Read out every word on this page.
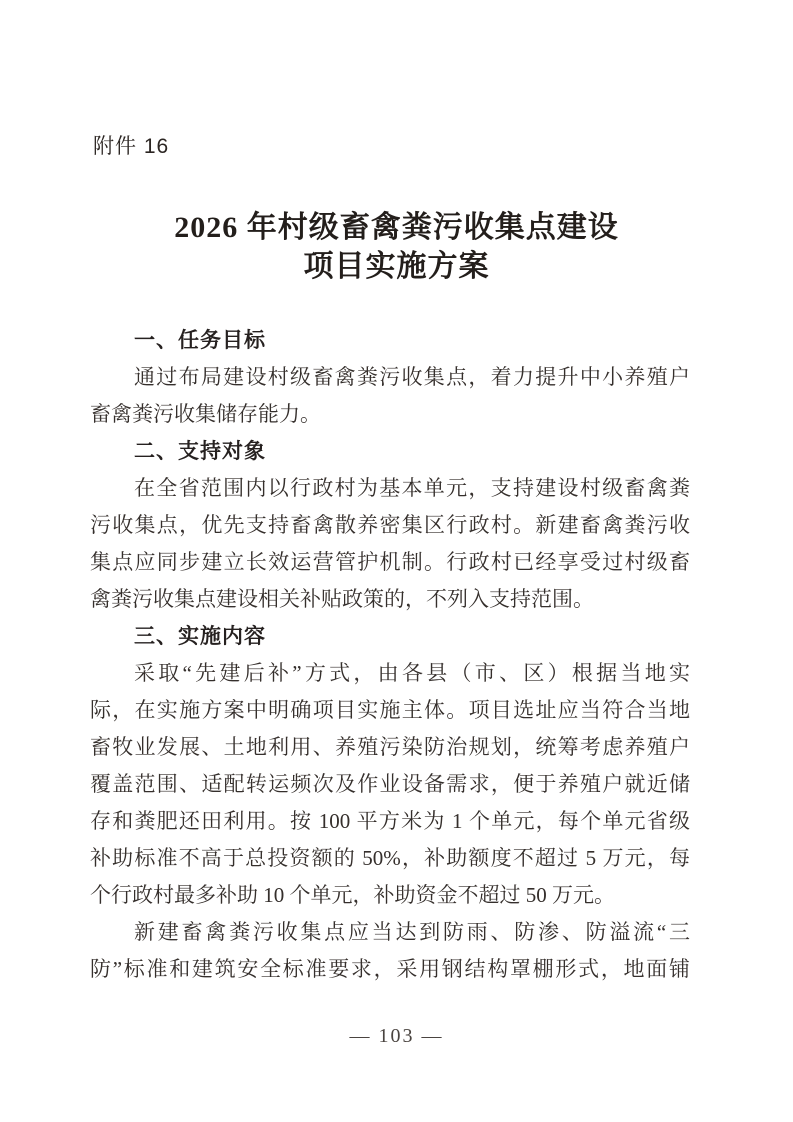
附件 16
2026 年村级畜禽粪污收集点建设
项目实施方案
一、任务目标
通过布局建设村级畜禽粪污收集点，着力提升中小养殖户
畜禽粪污收集储存能力。
二、支持对象
在全省范围内以行政村为基本单元，支持建设村级畜禽粪
污收集点，优先支持畜禽散养密集区行政村。新建畜禽粪污收
集点应同步建立长效运营管护机制。行政村已经享受过村级畜
禽粪污收集点建设相关补贴政策的，不列入支持范围。
三、实施内容
采取“先建后补”方式，由各县（市、区）根据当地实
际，在实施方案中明确项目实施主体。项目选址应当符合当地
畜牧业发展、土地利用、养殖污染防治规划，统筹考虑养殖户
覆盖范围、适配转运频次及作业设备需求，便于养殖户就近储
存和粪肥还田利用。按 100 平方米为 1 个单元，每个单元省级
补助标准不高于总投资额的 50%，补助额度不超过 5 万元，每
个行政村最多补助 10 个单元，补助资金不超过 50 万元。
新建畜禽粪污收集点应当达到防雨、防渗、防溢流“三
防”标准和建筑安全标准要求，采用钢结构罩棚形式，地面铺
— 103 —
